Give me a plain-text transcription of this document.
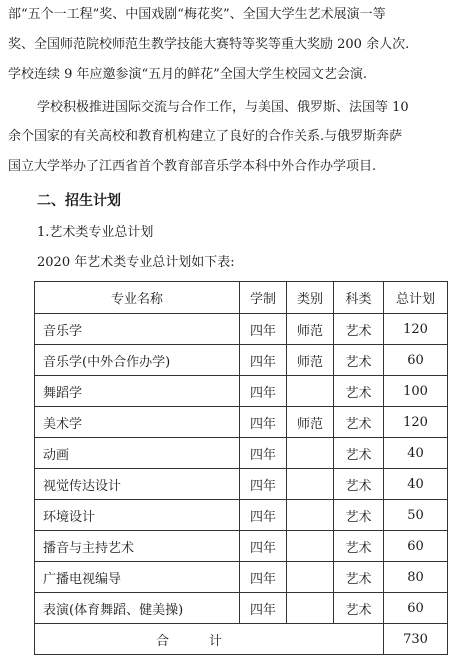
部“五个一工程”奖、中国戏剧“梅花奖”、全国大学生艺术展演一等
奖、全国师范院校师范生教学技能大赛特等奖等重大奖励 200 余人次.
学校连续 9 年应邀参演“五月的鲜花”全国大学生校园文艺会演.
学校积极推进国际交流与合作工作，与美国、俄罗斯、法国等 10
余个国家的有关高校和教育机构建立了良好的合作关系.与俄罗斯奔萨
国立大学举办了江西省首个教育部音乐学本科中外合作办学项目.
二、招生计划
1.艺术类专业总计划
2020 年艺术类专业总计划如下表:
专业名称	学制	类别	科类	总计划
音乐学	四年	师范	艺术	120
音乐学(中外合作办学)	四年	师范	艺术	60
舞蹈学	四年		艺术	100
美术学	四年	师范	艺术	120
动画	四年		艺术	40
视觉传达设计	四年		艺术	40
环境设计	四年		艺术	50
播音与主持艺术	四年		艺术	60
广播电视编导	四年		艺术	80
表演(体育舞蹈、健美操)	四年		艺术	60
合计				730
